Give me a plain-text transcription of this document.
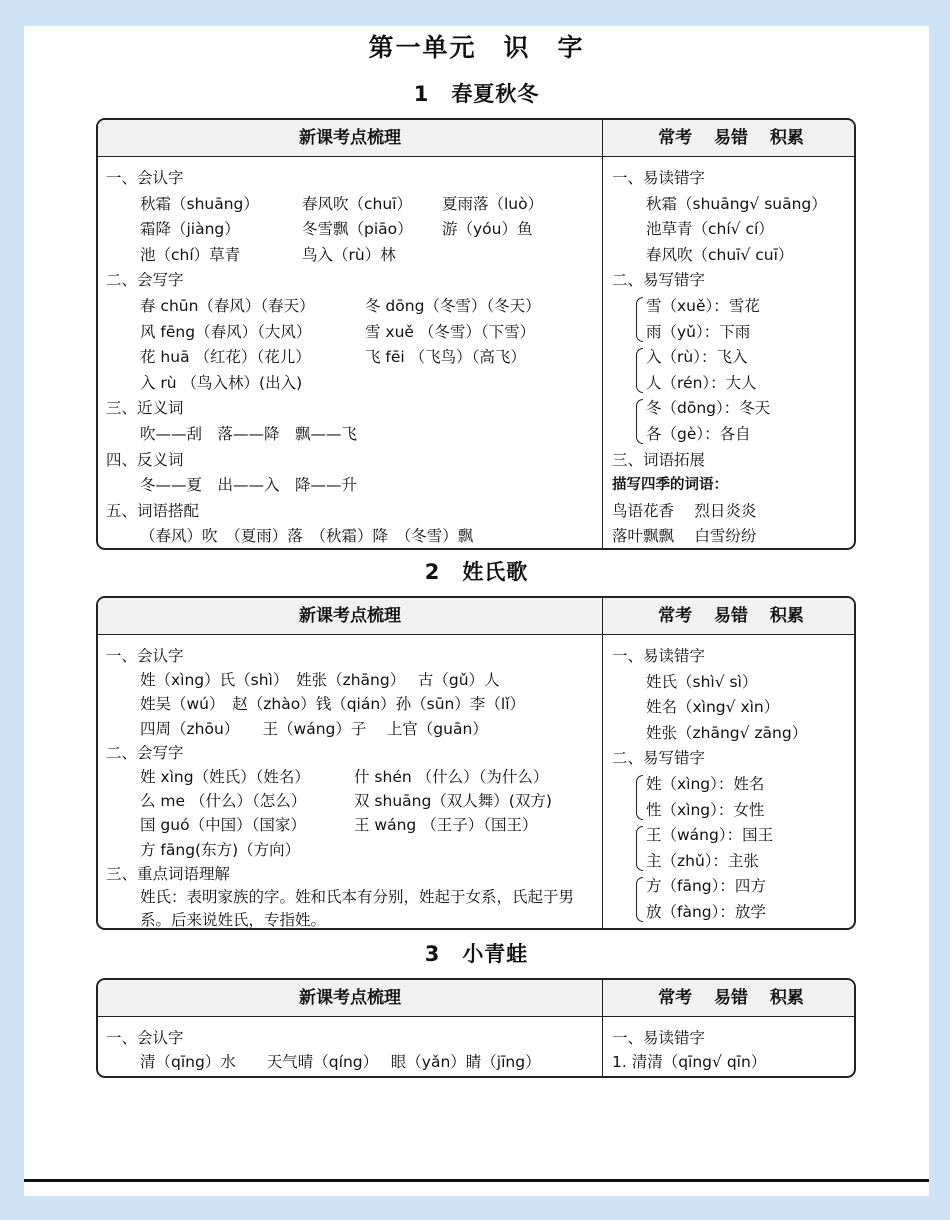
第一单元　识　字
1 春夏秋冬
新课考点梳理	常考 易错 积累
一、会认字
秋霜（shuāng）	春风吹（chuī） 夏雨落（luò）
霜降（jiàng）	冬雪飘（piāo） 游（yóu）鱼
池（chí）草青	鸟入（rù）林
二、会写字
春 chūn（春风）（春天）	冬 dōng（冬雪）（冬天）
风 fēng（春风）（大风）	雪 xuě （冬雪）（下雪）
花 huā （红花）（花儿）	飞 fēi （飞鸟）（高飞）
入 rù （鸟入林）(出入)
三、近义词
吹——刮　落——降　飘——飞
四、反义词
冬——夏　出——入　降——升
五、词语搭配
（春风）吹　（夏雨）落　（秋霜）降　（冬雪）飘
一、易读错字
秋霜（shuāng√ suāng）
池草青（chí√ cí）
春风吹（chuī√ cuī）
二、易写错字
雪（xuě）：雪花
雨（yǔ）：下雨
入（rù）：飞入
人（rén）：大人
冬（dōng）：冬天
各（gè）：各自
三、词语拓展
描写四季的词语：
鸟语花香　 烈日炎炎
落叶飘飘　 白雪纷纷
2 姓氏歌
新课考点梳理	常考 易错 积累
一、会认字
姓（xìng）氏（shì）　姓张（zhāng）　 古（gǔ）人
姓吴（wú）　赵（zhào）钱（qián）孙（sūn）李（lǐ）
四周（zhōu）　　王（wáng）子　 上官（guān）
二、会写字
姓 xìng（姓氏）（姓名）	什 shén （什么）（为什么）
么 me （什么）（怎么）	双 shuāng（双人舞）(双方)
国 guó（中国）（国家）	王 wáng （王子）（国王）
方 fāng(东方)（方向）
三、重点词语理解
姓氏：表明家族的字。姓和氏本有分别，姓起于女系，氏起于男系。后来说姓氏，专指姓。
一、易读错字
姓氏（shì√ sì）
姓名（xìng√ xìn）
姓张（zhāng√ zāng）
二、易写错字
姓（xìng）：姓名
性（xìng）：女性
王（wáng）：国王
主（zhǔ）：主张
方（fāng）：四方
放（fàng）：放学
3 小青蛙
新课考点梳理	常考 易错 积累
一、会认字
清（qīng）水　　天气晴（qíng）　 眼（yǎn）睛（jīng）
一、易读错字
1. 清清（qīng√ qīn）
